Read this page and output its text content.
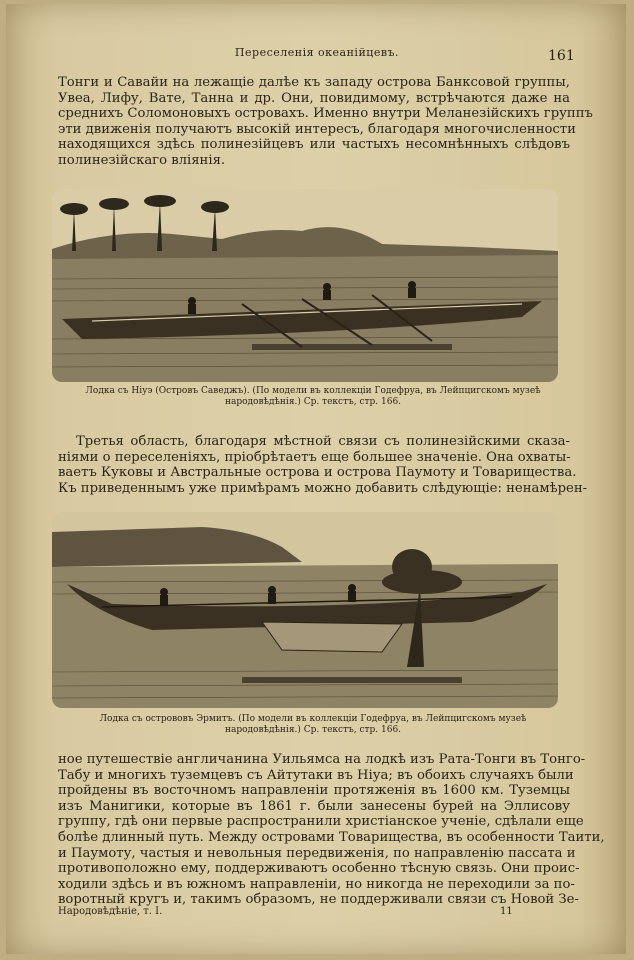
Переселенія океанійцевъ.	161
Тонги и Савайи на лежащіе далѣе къ западу острова Банксовой группы,
Увеа, Лифу, Вате, Танна и др. Они, повидимому, встрѣчаются даже на
среднихъ Соломоновыхъ островахъ. Именно внутри Меланезійскихъ группъ
эти движенія получаютъ высокій интересъ, благодаря многочисленности
находящихся здѣсь полинезійцевъ или частыхъ несомнѣнныхъ слѣдовъ
полинезійскаго вліянія.
Лодка съ Ніуэ (Островъ Саведжъ). (По модели въ коллекціи Годефруа, въ Лейпцигскомъ музеѣ
народовѣдѣнія.) Ср. текстъ, стр. 166.
Третья область, благодаря мѣстной связи съ полинезійскими сказа-
ніями о переселеніяхъ, пріобрѣтаетъ еще большее значеніе. Она охваты-
ваетъ Куковы и Австральные острова и острова Паумоту и Товарищества.
Къ приведеннымъ уже примѣрамъ можно добавить слѣдующіе: ненамѣрен-
Лодка съ острововъ Эрмитъ. (По модели въ коллекціи Годефруа, въ Лейпцигскомъ музеѣ
народовѣдѣнія.) Ср. текстъ, стр. 166.
ное путешествіе англичанина Уильямса на лодкѣ изъ Рата-Тонги въ Тонго-
Табу и многихъ туземцевъ съ Айтутаки въ Ніуа; въ обоихъ случаяхъ были
пройдены въ восточномъ направленіи протяженія въ 1600 км. Туземцы
изъ Манигики, которые въ 1861 г. были занесены бурей на Эллисову
группу, гдѣ они первые распространили христіанское ученіе, сдѣлали еще
болѣе длинный путь. Между островами Товарищества, въ особенности Таити,
и Паумоту, частыя и невольныя передвиженія, по направленію пассата и
противоположно ему, поддерживаютъ особенно тѣсную связь. Они проис-
ходили здѣсь и въ южномъ направленіи, но никогда не переходили за по-
воротный кругъ и, такимъ образомъ, не поддерживали связи съ Новой Зе-
Народовѣдѣніе, т. I.	11
